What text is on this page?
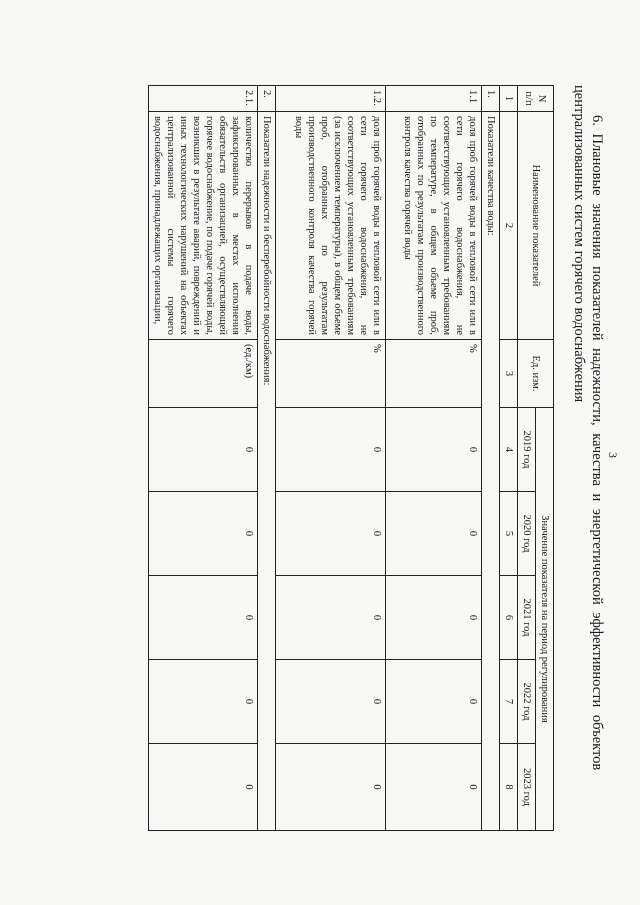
3
6. Плановые значения показателей надежности, качества и энергетической эффективности объектов
централизованных систем горячего водоснабжения
N п/п	Наименование показателей	Ед. изм.	Значение показателя на период регулирования				
			2019 год	2020 год	2021 год	2022 год	2023 год
1	2	3	4	5	6	7	8
1.	Показатели качества воды:						
1.1	доля проб горячей воды в тепловой сети или в сети горячего водоснабжения, не соответствующих установленным требованиям по температуре, в общем объеме проб, отобранных по результатам производственного контроля качества горячей воды	%	0	0	0	0	0
1.2.	доля проб горячей воды в тепловой сети или в сети горячего водоснабжения, не соответствующих установленным требованиям (за исключением температуры), в общем объеме проб, отобранных по результатам производственного контроля качества горячей воды	%	0	0	0	0	0
2.	Показатели надежности и бесперебойности водоснабжения:						
2.1.	количество перерывов в подаче воды, зафиксированных в местах исполнения обязательств организацией, осуществляющей горячее водоснабжение, по подаче горячей воды, возникших в результате аварий, повреждений и иных технологических нарушений на объектах централизованной системы горячего водоснабжения, принадлежащих организации,	(ед./км)	0	0	0	0	0
